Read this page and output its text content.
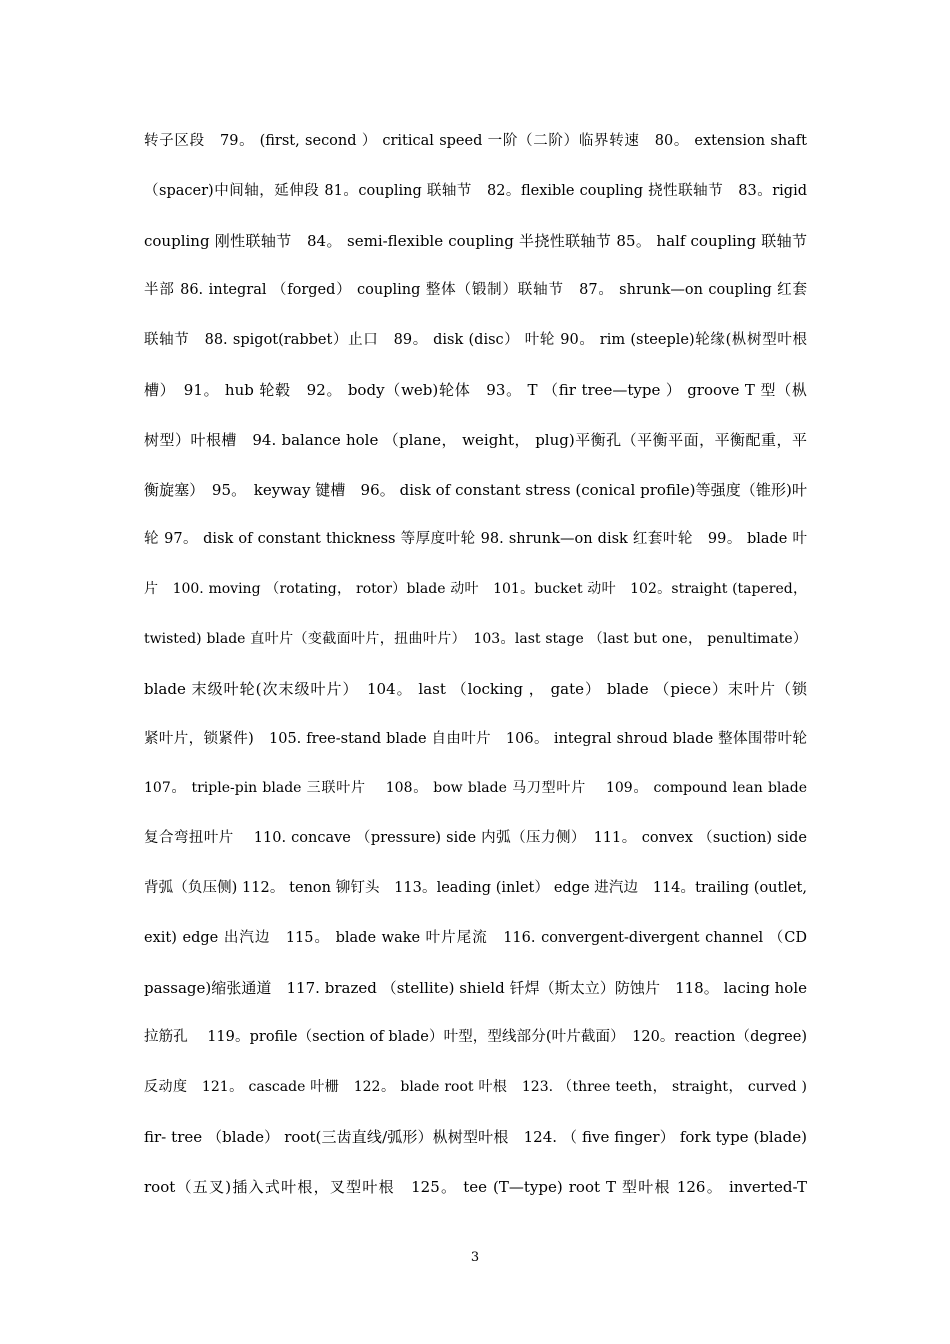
转子区段　79。 (first, second ） critical speed 一阶（二阶）临界转速　80。 extension shaft
（spacer)中间轴，延伸段 81。coupling 联轴节　82。flexible coupling 挠性联轴节　83。rigid
coupling 刚性联轴节　84。 semi-flexible coupling 半挠性联轴节 85。 half coupling 联轴节
半部 86. integral （forged） coupling 整体（锻制）联轴节　87。 shrunk—on coupling 红套
联轴节　88. spigot(rabbet）止口　89。 disk (disc） 叶轮 90。 rim (steeple)轮缘(枞树型叶根
槽）　91。 hub 轮毂　92。 body（web)轮体　93。 T （fir tree—type ） groove T 型（枞
树型）叶根槽　94. balance hole （plane， weight， plug)平衡孔（平衡平面，平衡配重，平
衡旋塞）　95。　keyway 键槽　96。 disk of constant stress (conical profile)等强度（锥形)叶
轮 97。 disk of constant thickness 等厚度叶轮 98. shrunk—on disk 红套叶轮　99。 blade 叶
片　100. moving （rotating， rotor）blade 动叶　101。bucket 动叶　102。straight (tapered，
twisted) blade 直叶片（变截面叶片，扭曲叶片）　103。last stage （last but one， penultimate）
blade 末级叶轮(次末级叶片）　104。 last （locking ， gate） blade （piece）末叶片（锁
紧叶片，锁紧件)　105. free-stand blade 自由叶片　106。 integral shroud blade 整体围带叶轮
107。 triple-pin blade 三联叶片　 108。 bow blade 马刀型叶片　 109。 compound lean blade
复合弯扭叶片　 110. concave （pressure) side 内弧（压力侧）　111。 convex （suction) side
背弧（负压侧) 112。 tenon 铆钉头　113。leading (inlet） edge 进汽边　114。trailing (outlet,
exit) edge 出汽边　115。 blade wake 叶片尾流　116. convergent-divergent channel （CD
passage)缩张通道　117. brazed （stellite) shield 钎焊（斯太立）防蚀片　118。 lacing hole
拉筋孔　 119。profile（section of blade）叶型，型线部分(叶片截面）　120。reaction（degree)
反动度　121。 cascade 叶栅　122。 blade root 叶根　123. （three teeth， straight， curved )
fir- tree （blade） root(三齿直线/弧形）枞树型叶根　124. （ five finger） fork type (blade)
root（五叉)插入式叶根，叉型叶根　125。 tee (T—type) root T 型叶根 126。 inverted-T
3
